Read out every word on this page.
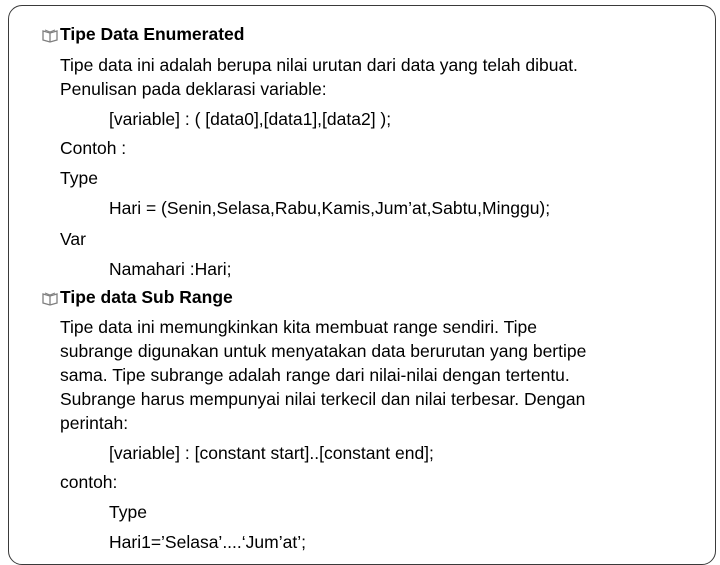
Tipe Data Enumerated
Tipe data ini adalah berupa nilai urutan dari data yang telah dibuat.
Penulisan pada deklarasi variable:
[variable] : ( [data0],[data1],[data2] );
Contoh :
Type
Hari = (Senin,Selasa,Rabu,Kamis,Jum’at,Sabtu,Minggu);
Var
Namahari :Hari;
Tipe data Sub Range
Tipe data ini memungkinkan kita membuat range sendiri. Tipe
subrange digunakan untuk menyatakan data berurutan yang bertipe
sama. Tipe subrange adalah range dari nilai-nilai dengan tertentu.
Subrange harus mempunyai nilai terkecil dan nilai terbesar. Dengan
perintah:
[variable] : [constant start]..[constant end];
contoh:
Type
Hari1=’Selasa’....‘Jum’at’;
